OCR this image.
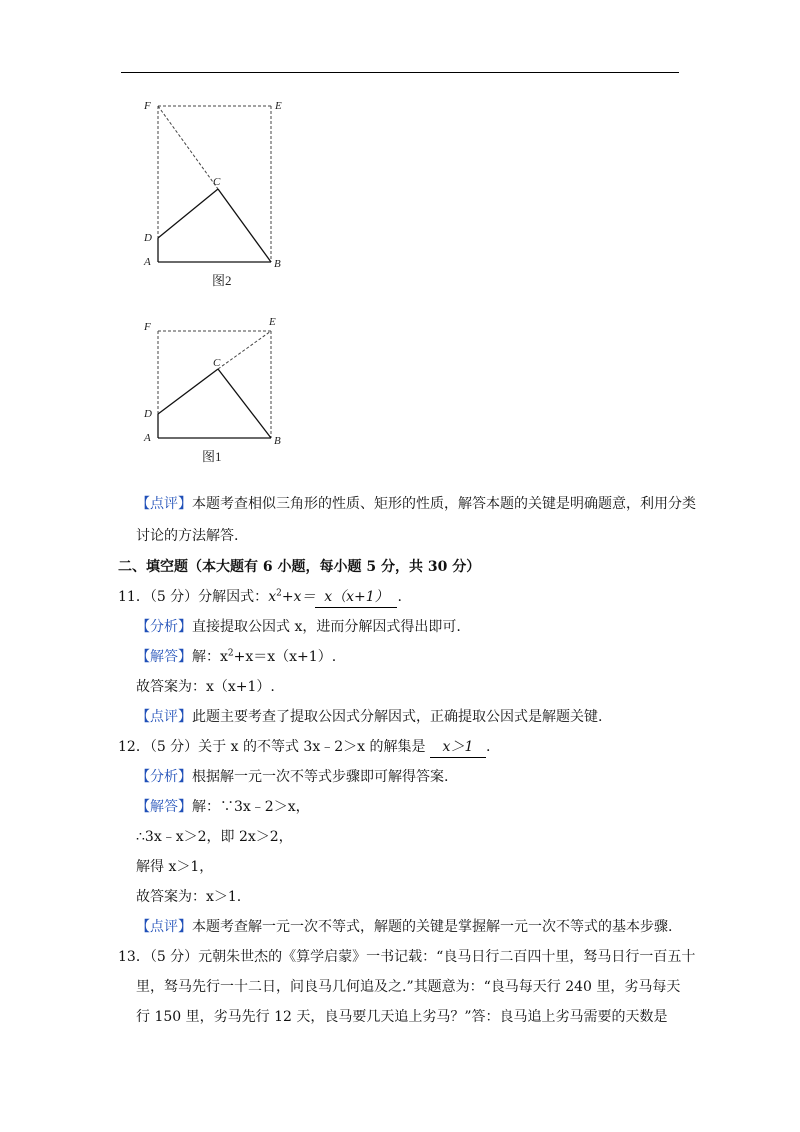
F	E
C
D
A	B
图2
F	E
C
D
A	B
图1
【点评】本题考查相似三角形的性质、矩形的性质，解答本题的关键是明确题意，利用分类
讨论的方法解答.
二、填空题（本大题有 6 小题，每小题 5 分，共 30 分）
11．（5 分）分解因式：$x^2+x= x(x+1)$ .
【分析】直接提取公因式 x，进而分解因式得出即可.
【解答】解：$x^2+x=x(x+1)$.
故答案为：x（x+1）.
【点评】此题主要考查了提取公因式分解因式，正确提取公因式是解题关键.
12．（5 分）关于 x 的不等式 3x﹣2＞x 的解集是 x＞1 .
【分析】根据解一元一次不等式步骤即可解得答案.
【解答】解：∵3x﹣2＞x，
∴3x﹣x＞2，即 2x＞2，
解得 x＞1，
故答案为：x＞1.
【点评】本题考查解一元一次不等式，解题的关键是掌握解一元一次不等式的基本步骤.
13．（5 分）元朝朱世杰的《算学启蒙》一书记载：“良马日行二百四十里，驽马日行一百五十
里，驽马先行一十二日，问良马几何追及之.”其题意为：“良马每天行 240 里，劣马每天
行 150 里，劣马先行 12 天，良马要几天追上劣马？”答：良马追上劣马需要的天数是
